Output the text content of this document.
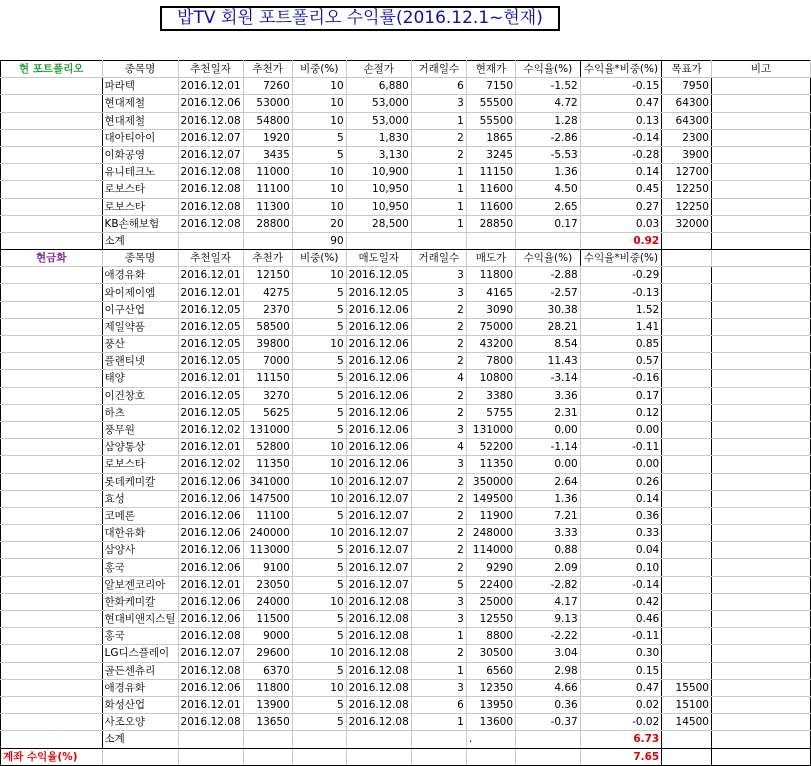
밥TV 회원 포트폴리오 수익률(2016.12.1~현재)
현 포트폴리오	종목명	추천일자	추천가	비중(%)	손절가	거래일수	현재가	수익율(%)	수익율*비중(%)	목표가	비고
	파라텍	2016.12.01	7260	10	6,880	6	7150	-1.52	-0.15	7950	
	현대제철	2016.12.06	53000	10	53,000	3	55500	4.72	0.47	64300	
	현대제철	2016.12.08	54800	10	53,000	1	55500	1.28	0.13	64300	
	대아티아이	2016.12.07	1920	5	1,830	2	1865	-2.86	-0.14	2300	
	이화공영	2016.12.07	3435	5	3,130	2	3245	-5.53	-0.28	3900	
	유니테크노	2016.12.08	11000	10	10,900	1	11150	1.36	0.14	12700	
	로보스타	2016.12.08	11100	10	10,950	1	11600	4.50	0.45	12250	
	로보스타	2016.12.08	11300	10	10,950	1	11600	2.65	0.27	12250	
	KB손해보험	2016.12.08	28800	20	28,500	1	28850	0.17	0.03	32000	
	소계			90					0.92		
현금화	종목명	추천일자	추천가	비중(%)	매도일자	거래일수	매도가	수익율(%)	수익율*비중(%)		
	애경유화	2016.12.01	12150	10	2016.12.05	3	11800	-2.88	-0.29		
	와이제이엠	2016.12.01	4275	5	2016.12.05	3	4165	-2.57	-0.13		
	이구산업	2016.12.05	2370	5	2016.12.06	2	3090	30.38	1.52		
	제일약품	2016.12.05	58500	5	2016.12.06	2	75000	28.21	1.41		
	풍산	2016.12.05	39800	10	2016.12.06	2	43200	8.54	0.85		
	플랜티넷	2016.12.05	7000	5	2016.12.06	2	7800	11.43	0.57		
	태양	2016.12.01	11150	5	2016.12.06	4	10800	-3.14	-0.16		
	이건창호	2016.12.05	3270	5	2016.12.06	2	3380	3.36	0.17		
	하츠	2016.12.05	5625	5	2016.12.06	2	5755	2.31	0.12		
	풍무원	2016.12.02	131000	5	2016.12.06	3	131000	0.00	0.00		
	삼양통상	2016.12.01	52800	10	2016.12.06	4	52200	-1.14	-0.11		
	로보스타	2016.12.02	11350	10	2016.12.06	3	11350	0.00	0.00		
	롯데케미칼	2016.12.06	341000	10	2016.12.07	2	350000	2.64	0.26		
	효성	2016.12.06	147500	10	2016.12.07	2	149500	1.36	0.14		
	코메론	2016.12.06	11100	5	2016.12.07	2	11900	7.21	0.36		
	대한유화	2016.12.06	240000	10	2016.12.07	2	248000	3.33	0.33		
	삼양사	2016.12.06	113000	5	2016.12.07	2	114000	0.88	0.04		
	홍국	2016.12.06	9100	5	2016.12.07	2	9290	2.09	0.10		
	알보젠코리아	2016.12.01	23050	5	2016.12.07	5	22400	-2.82	-0.14		
	한화케미칼	2016.12.06	24000	10	2016.12.08	3	25000	4.17	0.42		
	현대비앤지스틸	2016.12.06	11500	5	2016.12.08	3	12550	9.13	0.46		
	홍국	2016.12.08	9000	5	2016.12.08	1	8800	-2.22	-0.11		
	LG디스플레이	2016.12.07	29600	10	2016.12.08	2	30500	3.04	0.30		
	골든센츄리	2016.12.08	6370	5	2016.12.08	1	6560	2.98	0.15		
	애경유화	2016.12.06	11800	10	2016.12.08	3	12350	4.66	0.47	15500	
	화성산업	2016.12.01	13900	5	2016.12.08	6	13950	0.36	0.02	15100	
	사조오양	2016.12.08	13650	5	2016.12.08	1	13600	-0.37	-0.02	14500	
	소계						.		6.73		
계좌 수익율(%)									7.65		
